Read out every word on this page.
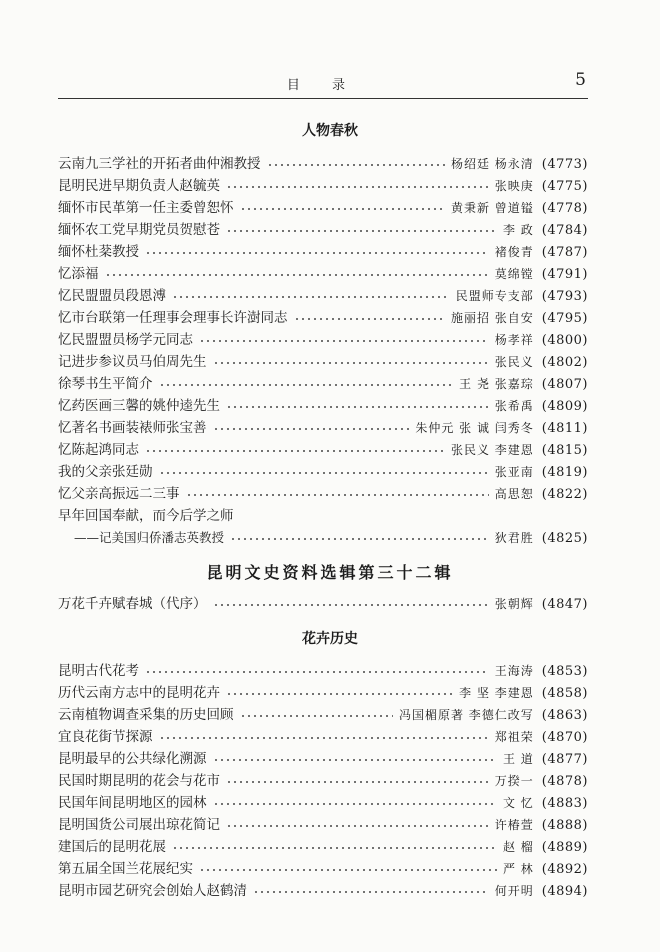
目 录	5
人物春秋
云南九三学社的开拓者曲仲湘教授	杨绍廷 杨永清 (4773)
昆明民进早期负责人赵毓英	张映庚 (4775)
缅怀市民革第一任主委曾恕怀	黄秉新 曾道镒 (4778)
缅怀农工党早期党员贺慰苍	李 政 (4784)
缅怀杜棻教授	褚俊青 (4787)
忆添福	莫绵镗 (4791)
忆民盟盟员段恩溥	民盟师专支部 (4793)
忆市台联第一任理事会理事长许澍同志	施丽招 张自安 (4795)
忆民盟盟员杨学元同志	杨孝祥 (4800)
记进步参议员马伯周先生	张民义 (4802)
徐琴书生平简介	王 尧 张嘉琮 (4807)
忆药医画三馨的姚仲逵先生	张希禹 (4809)
忆著名书画装裱师张宝善	朱仲元 张 诚 闫秀冬 (4811)
忆陈起鸿同志	张民义 李建恩 (4815)
我的父亲张廷勋	张亚南 (4819)
忆父亲高振远二三事	高思恕 (4822)
早年回国奉献，而今后学之师
——记美国归侨潘志英教授	狄君胜 (4825)
昆明文史资料选辑第三十二辑
万花千卉赋春城（代序）	张朝辉 (4847)
花卉历史
昆明古代花考	王海涛 (4853)
历代云南方志中的昆明花卉	李 坚 李建恩 (4858)
云南植物调查采集的历史回顾	冯国楣原著 李德仁改写 (4863)
宜良花街节探源	郑祖荣 (4870)
昆明最早的公共绿化溯源	王 道 (4877)
民国时期昆明的花会与花市	万揆一 (4878)
民国年间昆明地区的园林	文 忆 (4883)
昆明国货公司展出琼花简记	许椿萱 (4888)
建国后的昆明花展	赵 榴 (4889)
第五届全国兰花展纪实	严 林 (4892)
昆明市园艺研究会创始人赵鹤清	何开明 (4894)
